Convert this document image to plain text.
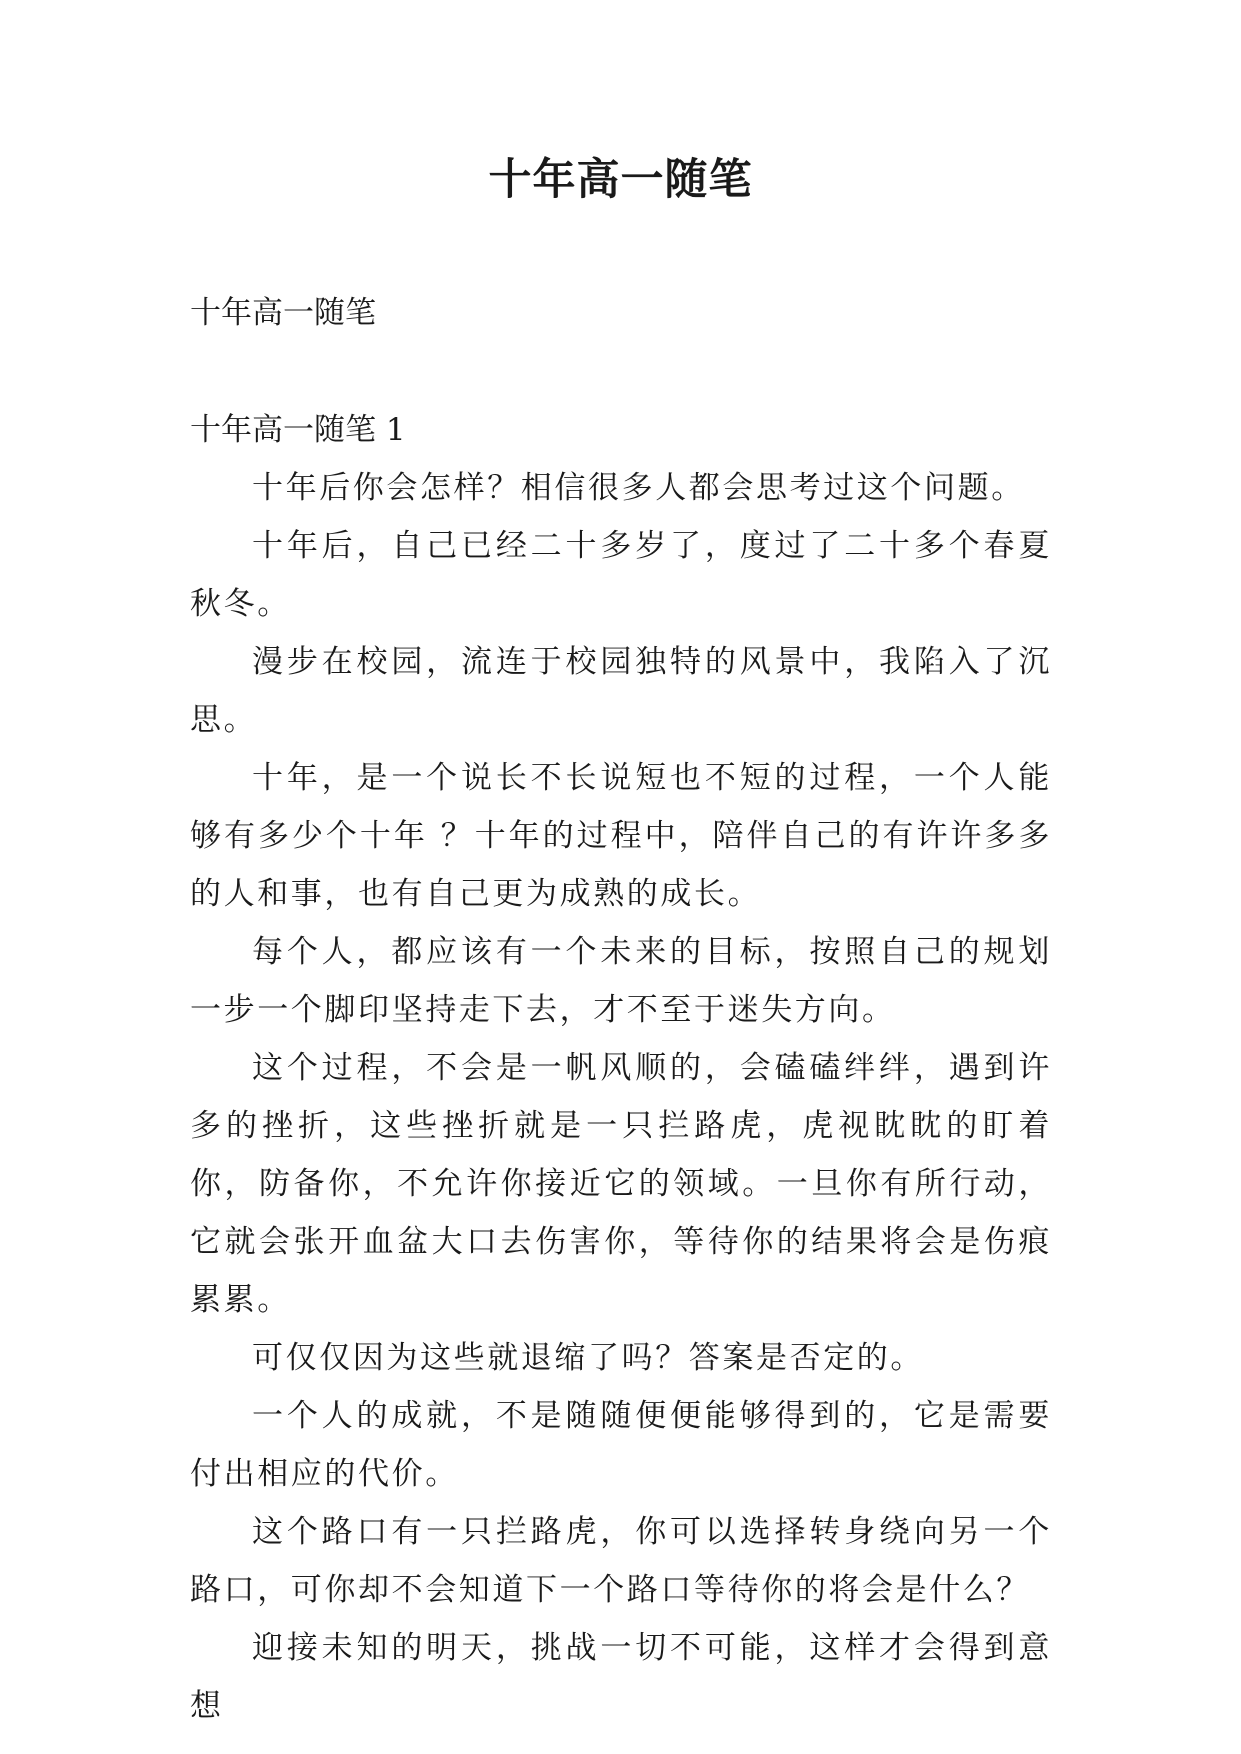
十年高一随笔
十年高一随笔
十年高一随笔 1

十年后你会怎样？相信很多人都会思考过这个问题。

十年后，自己已经二十多岁了，度过了二十多个春夏秋冬。

漫步在校园，流连于校园独特的风景中，我陷入了沉思。

十年，是一个说长不长说短也不短的过程，一个人能够有多少个十年 ？十年的过程中，陪伴自己的有许许多多的人和事，也有自己更为成熟的成长。

每个人，都应该有一个未来的目标，按照自己的规划一步一个脚印坚持走下去，才不至于迷失方向。

这个过程，不会是一帆风顺的，会磕磕绊绊，遇到许多的挫折，这些挫折就是一只拦路虎，虎视眈眈的盯着你，防备你，不允许你接近它的领域。一旦你有所行动，它就会张开血盆大口去伤害你，等待你的结果将会是伤痕累累。

可仅仅因为这些就退缩了吗？答案是否定的。

一个人的成就，不是随随便便能够得到的，它是需要付出相应的代价。

这个路口有一只拦路虎，你可以选择转身绕向另一个路口，可你却不会知道下一个路口等待你的将会是什么？

迎接未知的明天，挑战一切不可能，这样才会得到意想
